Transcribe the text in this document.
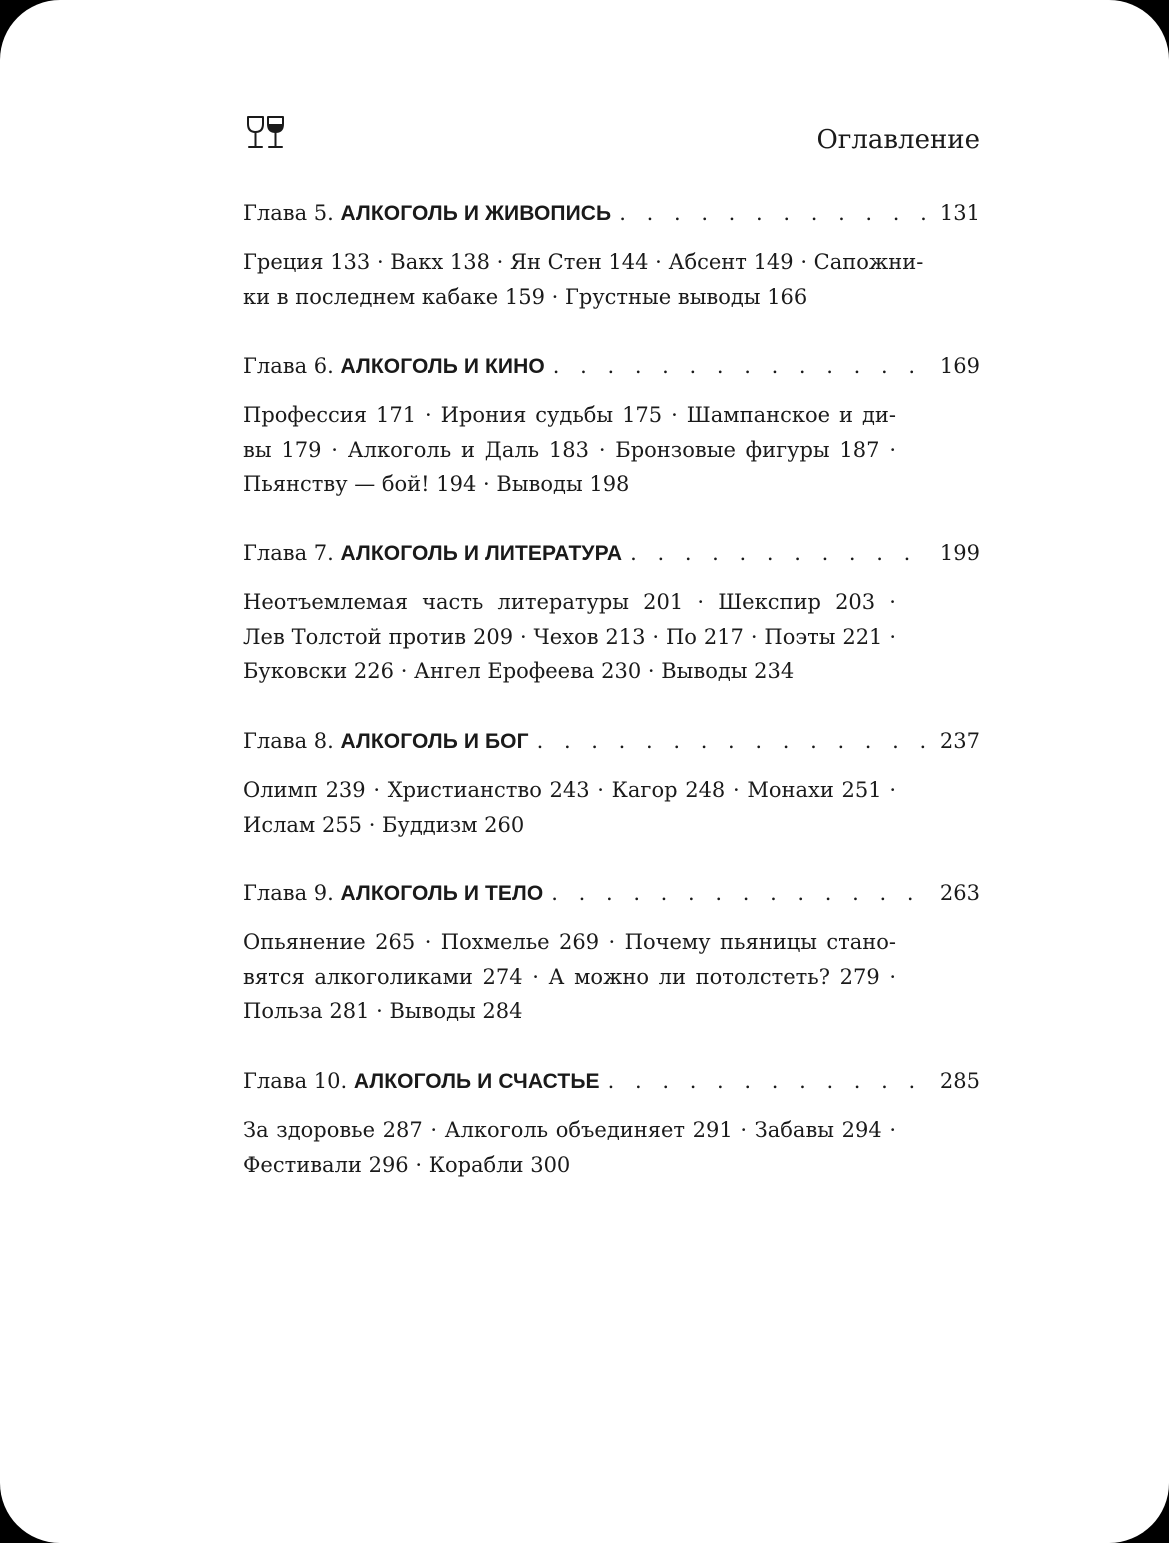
Оглавление
Глава 5.
АЛКОГОЛЬ И ЖИВОПИСЬ . . .	131
Греция 133 · Вакх 138 · Ян Стен 144 · Абсент 149 · Сапожни-
ки в последнем кабаке 159 · Грустные выводы 166
Глава 6.
АЛКОГОЛЬ И КИНО . . .	169
Профессия 171 · Ирония судьбы 175 · Шампанское и ди-
вы 179 · Алкоголь и Даль 183 · Бронзовые фигуры 187 ·
Пьянству — бой! 194 · Выводы 198
Глава 7.
АЛКОГОЛЬ И ЛИТЕРАТУРА . . .	199
Неотъемлемая часть литературы 201 · Шекспир 203 ·
Лев Толстой против 209 · Чехов 213 · По 217 · Поэты 221 ·
Буковски 226 · Ангел Ерофеева 230 · Выводы 234
Глава 8.
АЛКОГОЛЬ И БОГ . . .	237
Олимп 239 · Христианство 243 · Кагор 248 · Монахи 251 ·
Ислам 255 · Буддизм 260
Глава 9.
АЛКОГОЛЬ И ТЕЛО . . .	263
Опьянение 265 · Похмелье 269 · Почему пьяницы стано-
вятся алкоголиками 274 · А можно ли потолстеть? 279 ·
Польза 281 · Выводы 284
Глава 10.
АЛКОГОЛЬ И СЧАСТЬЕ . . .	285
За здоровье 287 · Алкоголь объединяет 291 · Забавы 294 ·
Фестивали 296 · Корабли 300
